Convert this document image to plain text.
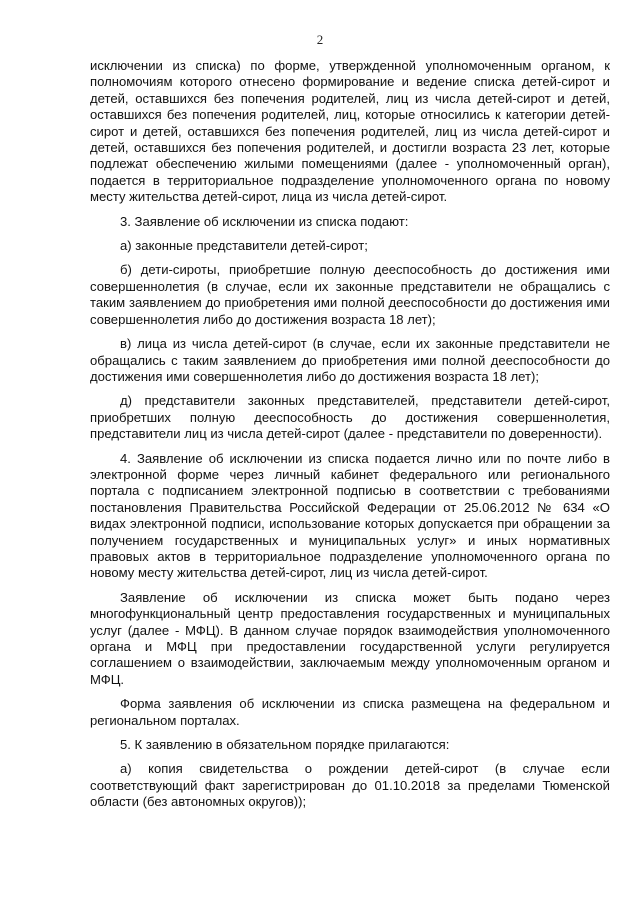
2

исключении из списка) по форме, утвержденной уполномоченным органом, к полномочиям которого отнесено формирование и ведение списка детей-сирот и детей, оставшихся без попечения родителей, лиц из числа детей-сирот и детей, оставшихся без попечения родителей, лиц, которые относились к категории детей-сирот и детей, оставшихся без попечения родителей, лиц из числа детей-сирот и детей, оставшихся без попечения родителей, и достигли возраста 23 лет, которые подлежат обеспечению жилыми помещениями (далее - уполномоченный орган), подается в территориальное подразделение уполномоченного органа по новому месту жительства детей-сирот, лица из числа детей-сирот.

3. Заявление об исключении из списка подают:

а) законные представители детей-сирот;

б) дети-сироты, приобретшие полную дееспособность до достижения ими совершеннолетия (в случае, если их законные представители не обращались с таким заявлением до приобретения ими полной дееспособности до достижения ими совершеннолетия либо до достижения возраста 18 лет);

в) лица из числа детей-сирот (в случае, если их законные представители не обращались с таким заявлением до приобретения ими полной дееспособности до достижения ими совершеннолетия либо до достижения возраста 18 лет);

д) представители законных представителей, представители детей-сирот, приобретших полную дееспособность до достижения совершеннолетия, представители лиц из числа детей-сирот (далее - представители по доверенности).

4. Заявление об исключении из списка подается лично или по почте либо в электронной форме через личный кабинет федерального или регионального портала с подписанием электронной подписью в соответствии с требованиями постановления Правительства Российской Федерации от 25.06.2012 № 634 «О видах электронной подписи, использование которых допускается при обращении за получением государственных и муниципальных услуг» и иных нормативных правовых актов в территориальное подразделение уполномоченного органа по новому месту жительства детей-сирот, лиц из числа детей-сирот.

Заявление об исключении из списка может быть подано через многофункциональный центр предоставления государственных и муниципальных услуг (далее - МФЦ). В данном случае порядок взаимодействия уполномоченного органа и МФЦ при предоставлении государственной услуги регулируется соглашением о взаимодействии, заключаемым между уполномоченным органом и МФЦ.

Форма заявления об исключении из списка размещена на федеральном и региональном порталах.

5. К заявлению в обязательном порядке прилагаются:

а) копия свидетельства о рождении детей-сирот (в случае если соответствующий факт зарегистрирован до 01.10.2018 за пределами Тюменской области (без автономных округов));
